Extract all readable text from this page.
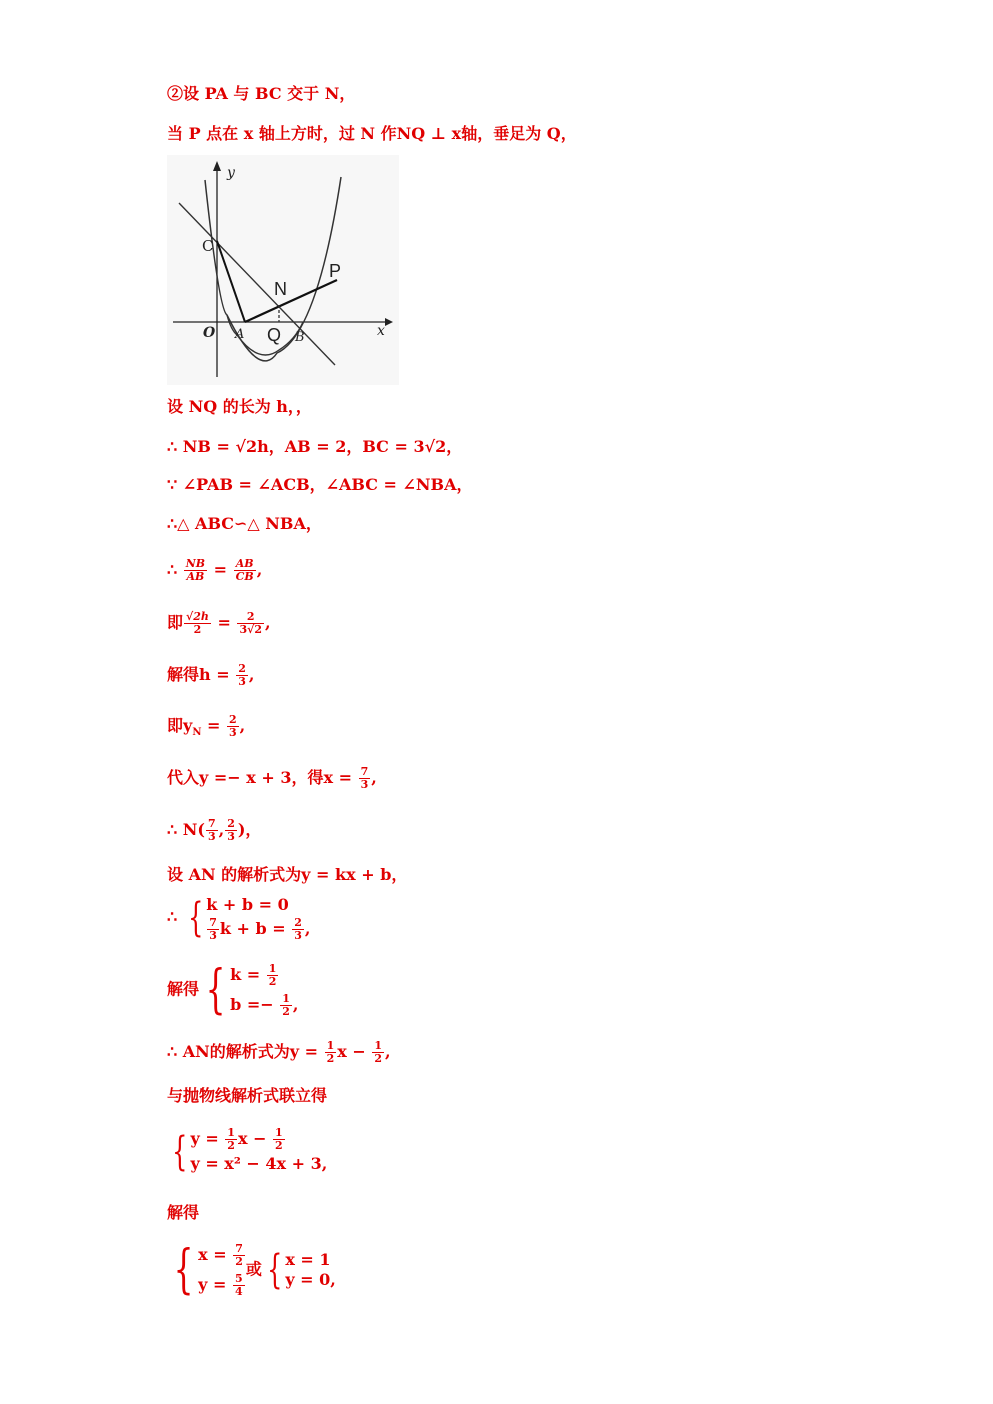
②设 PA 与 BC 交于 N，
当 P 点在 x 轴上方时，过 N 作NQ ⊥ x轴，垂足为 Q，
y
x
C
O A Q B
N
P
设 NQ 的长为 h，，
∴ NB = √2h，AB = 2，BC = 3√2，
∵ ∠PAB = ∠ACB，∠ABC = ∠NBA，
∴△ ABC∽△ NBA，
∴ $\frac{NB}{AB} = \frac{AB}{CB}$ ,
即 $\frac{√2h}{2} = \frac{2}{3√2}$ ,
解得$h = \frac{2}{3}$ ,
即$y_N = \frac{2}{3}$ ,
代入y =− x + 3，得$x = \frac{7}{3}$ ,
∴ $N( \frac{7}{3}$ , $\frac{2}{3}$ )，
设 AN 的解析式为y = kx + b，
∴ { k + b = 0
$\frac{7}{3}$ $k + b = \frac{2}{3}$ ,
解得 { $k = \frac{1}{2}$
$b =- \frac{1}{2}$ ,
∴ AN的解析式为$y = \frac{1}{2}$ $x - \frac{1}{2}$ ,
与抛物线解析式联立得
{ $y = \frac{1}{2}$ $x - \frac{1}{2}$
y = x² − 4x + 3,
解得
{ $x = \frac{7}{2}$
$y = \frac{5}{4}$
或 { x = 1
y = 0,
